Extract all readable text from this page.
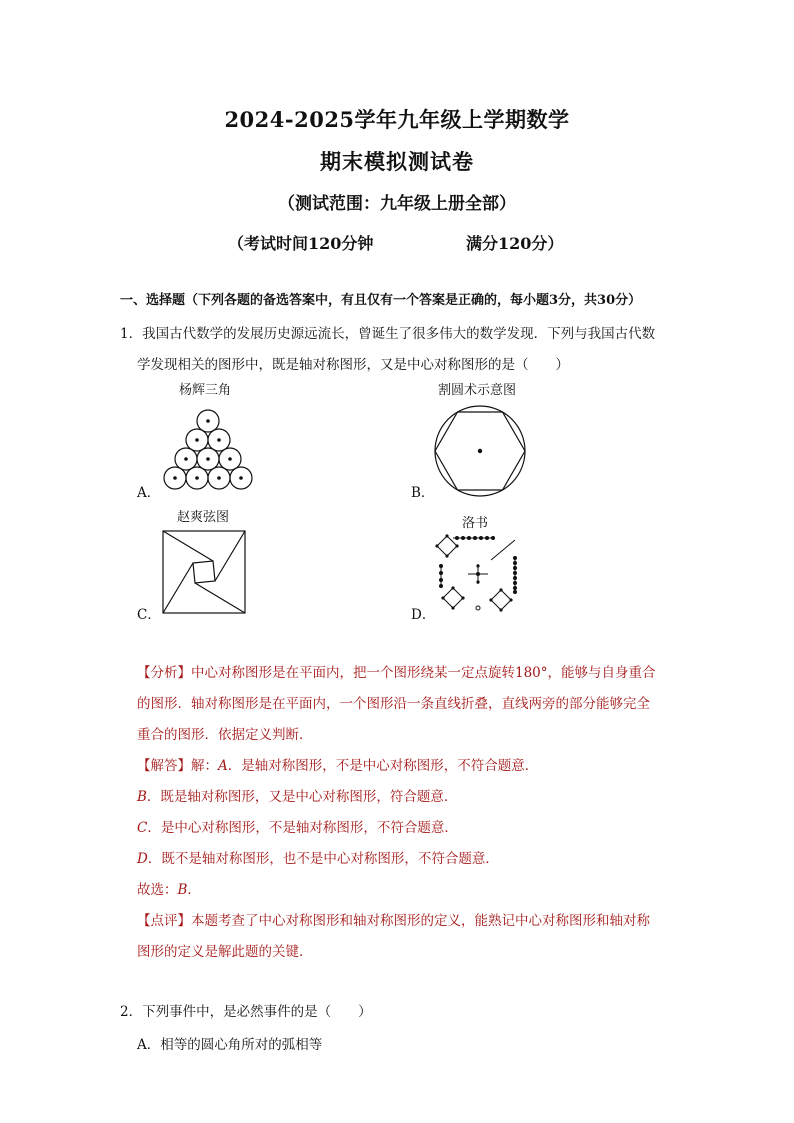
2024-2025学年九年级上学期数学
期末模拟测试卷
（测试范围：九年级上册全部）
（考试时间120分钟	满分120分）
一、选择题（下列各题的备选答案中，有且仅有一个答案是正确的，每小题3分，共30分）
1．我国古代数学的发展历史源远流长，曾诞生了很多伟大的数学发现．下列与我国古代数
学发现相关的图形中，既是轴对称图形，又是中心对称图形的是（　　）
杨辉三角
A．
割圆术示意图
B．
赵爽弦图
C．
洛书
D．
【分析】中心对称图形是在平面内，把一个图形绕某一定点旋转180°，能够与自身重合
的图形．轴对称图形是在平面内，一个图形沿一条直线折叠，直线两旁的部分能够完全
重合的图形．依据定义判断．
【解答】解：A．是轴对称图形，不是中心对称图形，不符合题意．
B．既是轴对称图形，又是中心对称图形，符合题意．
C．是中心对称图形，不是轴对称图形，不符合题意．
D．既不是轴对称图形，也不是中心对称图形，不符合题意．
故选：B．
【点评】本题考查了中心对称图形和轴对称图形的定义，能熟记中心对称图形和轴对称
图形的定义是解此题的关键．
2．下列事件中，是必然事件的是（　　）
A．相等的圆心角所对的弧相等
